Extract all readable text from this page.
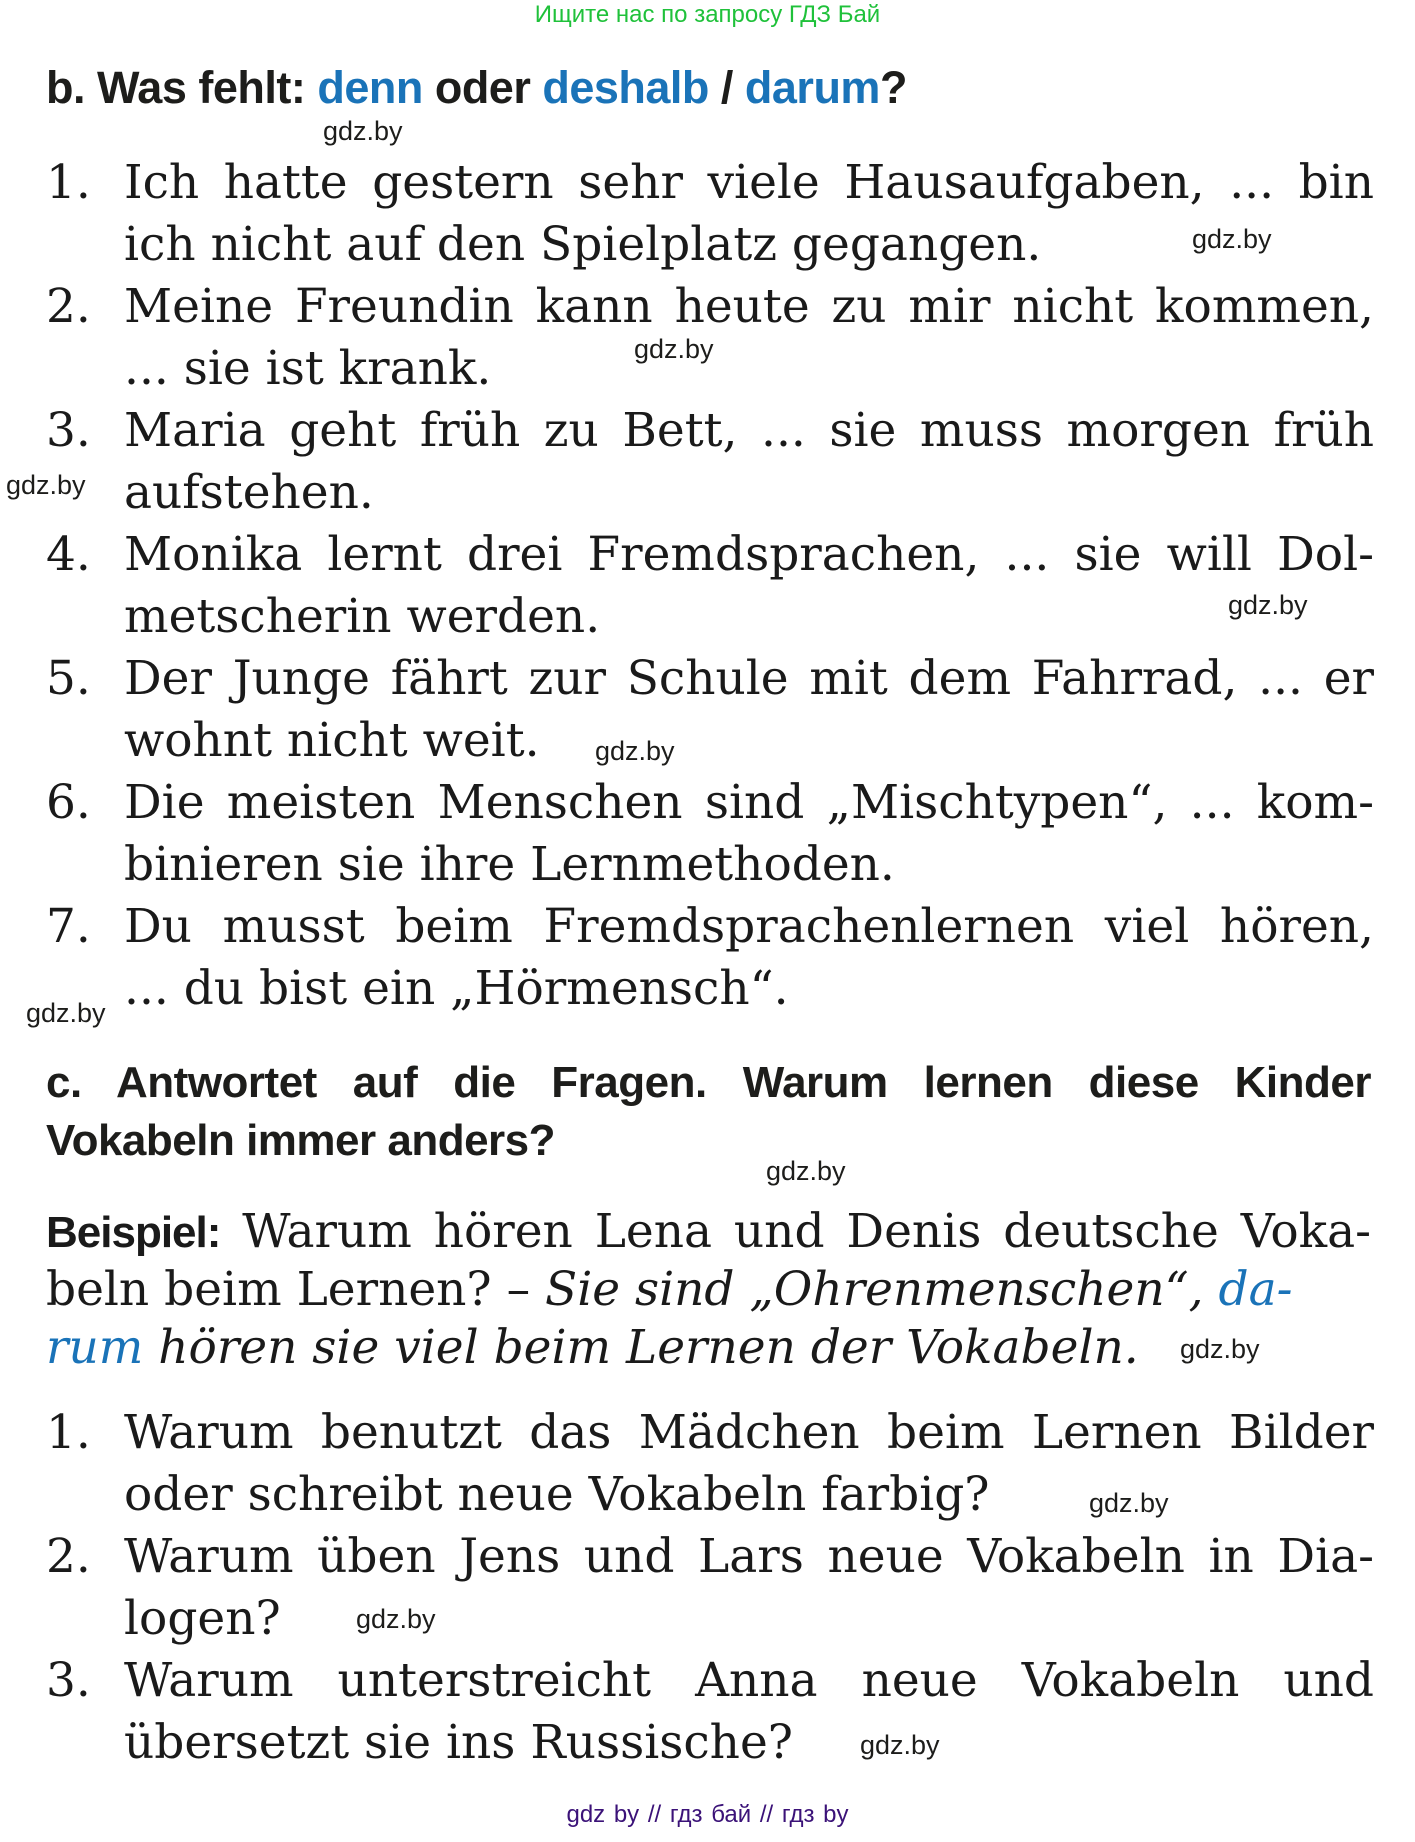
Ищите нас по запросу ГДЗ Бай
b. Was fehlt: denn oder deshalb / darum?
gdz.by
1. Ich hatte gestern sehr viele Hausaufgaben, ... bin
ich nicht auf den Spielplatz gegangen.	gdz.by
2. Meine Freundin kann heute zu mir nicht kommen,
gdz.by
... sie ist krank.
3. Maria geht früh zu Bett, ... sie muss morgen früh
gdz.by aufstehen.
4. Monika lernt drei Fremdsprachen, ... sie will Dol-
gdz.by
metscherin werden.
5. Der Junge fährt zur Schule mit dem Fahrrad, ... er
wohnt nicht weit. gdz.by
6. Die meisten Menschen sind „Mischtypen“, ... kom-
binieren sie ihre Lernmethoden.
7. Du musst beim Fremdsprachenlernen viel hören,
... du bist ein „Hörmensch“.
gdz.by
c. Antwortet auf die Fragen. Warum lernen diese Kinder
Vokabeln immer anders?
gdz.by
Beispiel: Warum hören Lena und Denis deutsche Voka-
beln beim Lernen? – Sie sind „Ohrenmenschen“, da-
rum hören sie viel beim Lernen der Vokabeln. gdz.by
1. Warum benutzt das Mädchen beim Lernen Bilder
oder schreibt neue Vokabeln farbig?	gdz.by
2. Warum üben Jens und Lars neue Vokabeln in Dia-
logen?	gdz.by
3. Warum unterstreicht Anna neue Vokabeln und
übersetzt sie ins Russische? gdz.by
gdz by // гдз бай // гдз by
